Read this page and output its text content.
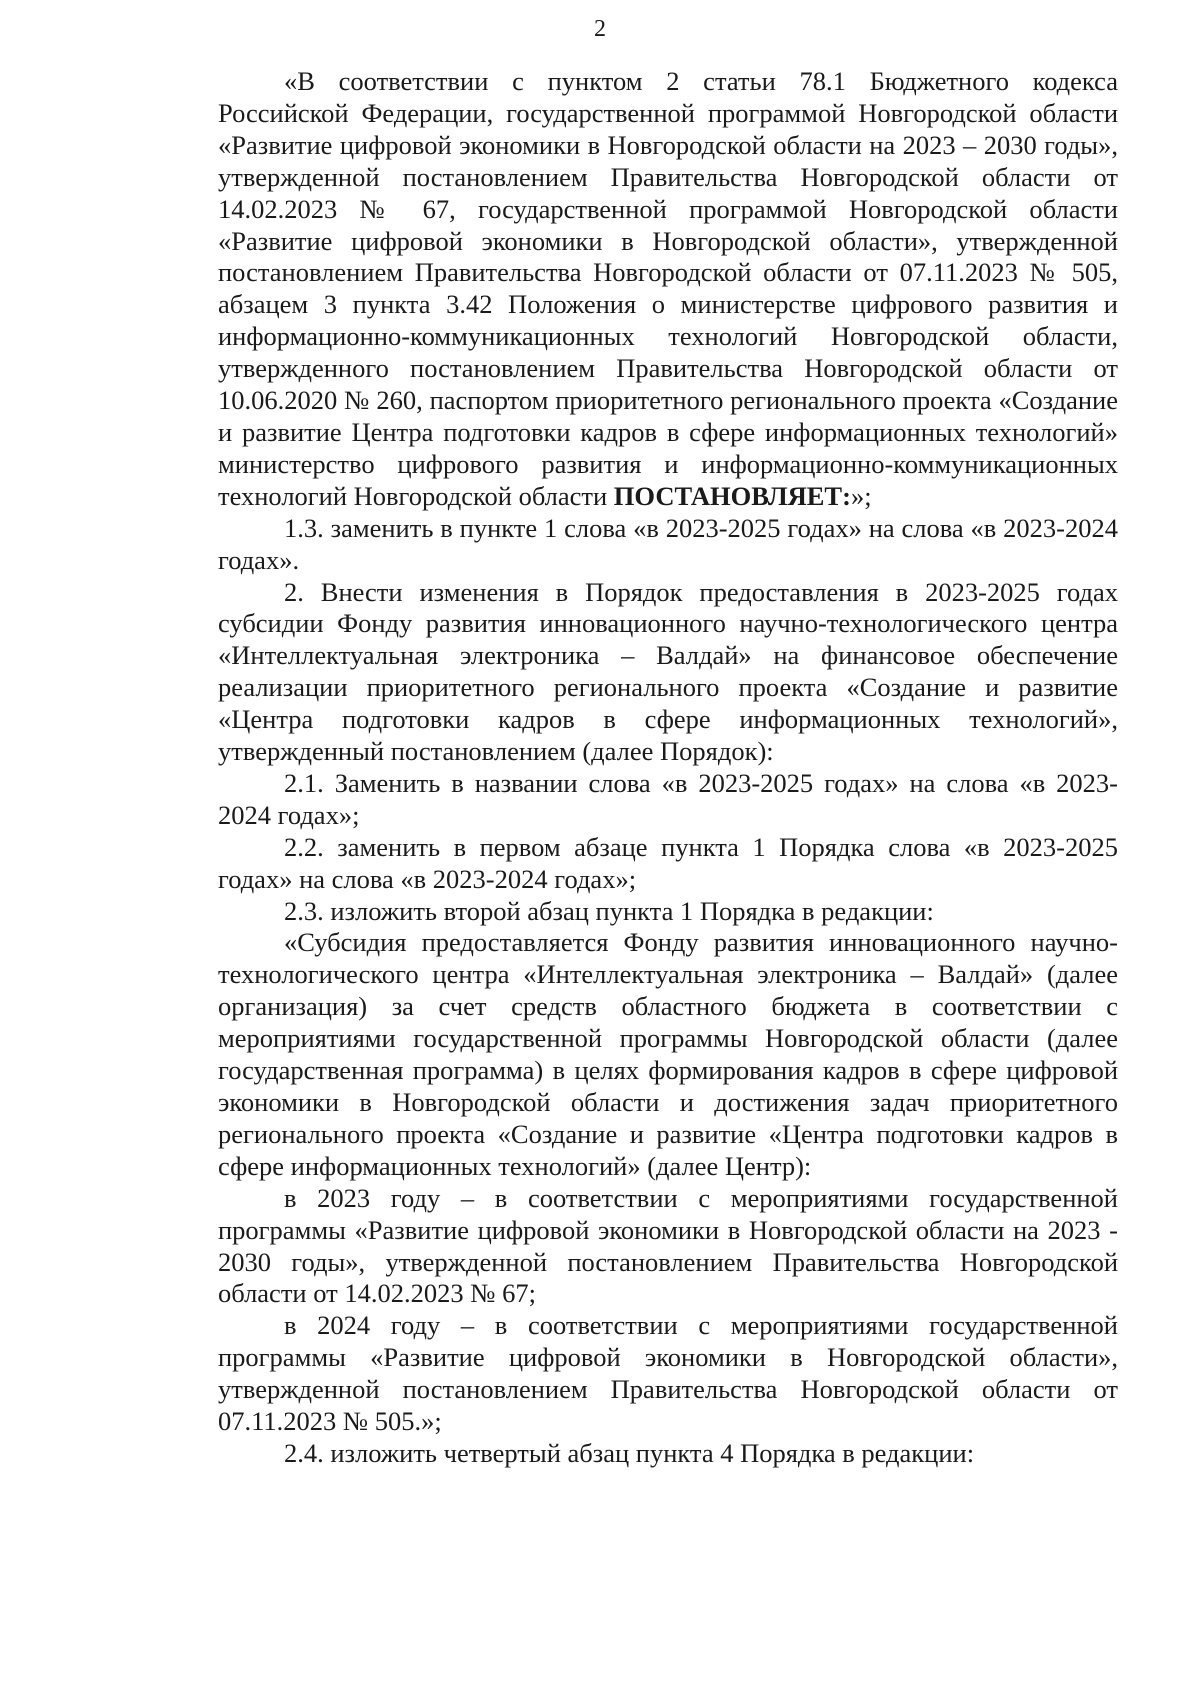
2

«В соответствии с пунктом 2 статьи 78.1 Бюджетного кодекса Российской Федерации, государственной программой Новгородской области «Развитие цифровой экономики в Новгородской области на 2023 – 2030 годы», утвержденной постановлением Правительства Новгородской области от 14.02.2023 № 67, государственной программой Новгородской области «Развитие цифровой экономики в Новгородской области», утвержденной постановлением Правительства Новгородской области от 07.11.2023 № 505, абзацем 3 пункта 3.42 Положения о министерстве цифрового развития и информационно-коммуникационных технологий Новгородской области, утвержденного постановлением Правительства Новгородской области от 10.06.2020 № 260, паспортом приоритетного регионального проекта «Создание и развитие Центра подготовки кадров в сфере информационных технологий» министерство цифрового развития и информационно-коммуникационных технологий Новгородской области ПОСТАНОВЛЯЕТ:»;

1.3. заменить в пункте 1 слова «в 2023-2025 годах» на слова «в 2023-2024 годах».

2. Внести изменения в Порядок предоставления в 2023-2025 годах субсидии Фонду развития инновационного научно-технологического центра «Интеллектуальная электроника – Валдай» на финансовое обеспечение реализации приоритетного регионального проекта «Создание и развитие «Центра подготовки кадров в сфере информационных технологий», утвержденный постановлением (далее Порядок):

2.1. Заменить в названии слова «в 2023-2025 годах» на слова «в 2023-2024 годах»;

2.2. заменить в первом абзаце пункта 1 Порядка слова «в 2023-2025 годах» на слова «в 2023-2024 годах»;

2.3. изложить второй абзац пункта 1 Порядка в редакции:

«Субсидия предоставляется Фонду развития инновационного научно-технологического центра «Интеллектуальная электроника – Валдай» (далее организация) за счет средств областного бюджета в соответствии с мероприятиями государственной программы Новгородской области (далее государственная программа) в целях формирования кадров в сфере цифровой экономики в Новгородской области и достижения задач приоритетного регионального проекта «Создание и развитие «Центра подготовки кадров в сфере информационных технологий» (далее Центр):

в 2023 году – в соответствии с мероприятиями государственной программы «Развитие цифровой экономики в Новгородской области на 2023 - 2030 годы», утвержденной постановлением Правительства Новгородской области от 14.02.2023 № 67;

в 2024 году – в соответствии с мероприятиями государственной программы «Развитие цифровой экономики в Новгородской области», утвержденной постановлением Правительства Новгородской области от 07.11.2023 № 505.»;

2.4. изложить четвертый абзац пункта 4 Порядка в редакции:
